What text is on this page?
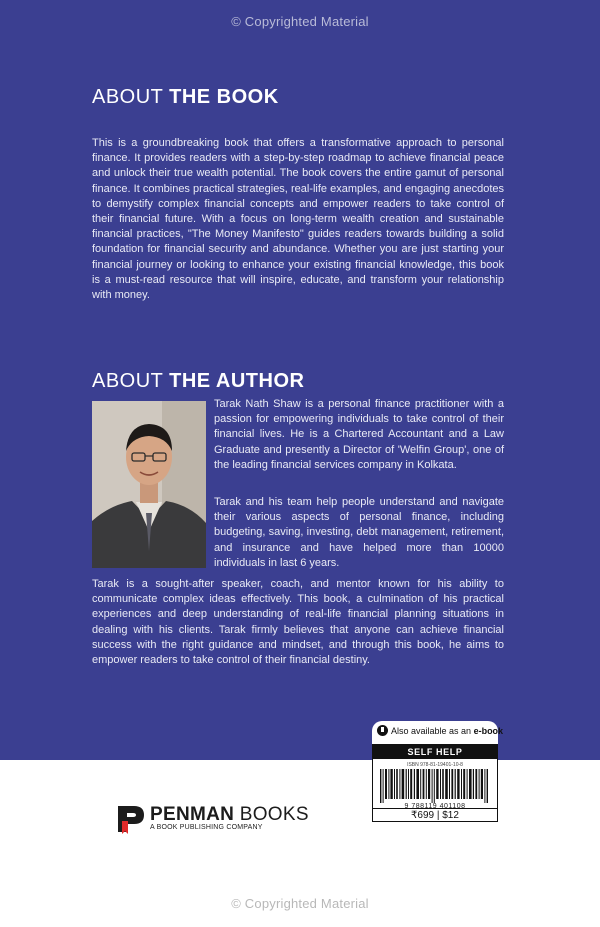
© Copyrighted Material
ABOUT THE BOOK
This is a groundbreaking book that offers a transformative approach to personal finance. It provides readers with a step-by-step roadmap to achieve financial peace and unlock their true wealth potential. The book covers the entire gamut of personal finance. It combines practical strategies, real-life examples, and engaging anecdotes to demystify complex financial concepts and empower readers to take control of their financial future. With a focus on long-term wealth creation and sustainable financial practices, "The Money Manifesto" guides readers towards building a solid foundation for financial security and abundance. Whether you are just starting your financial journey or looking to enhance your existing financial knowledge, this book is a must-read resource that will inspire, educate, and transform your relationship with money.
ABOUT THE AUTHOR
Tarak Nath Shaw is a personal finance practitioner with a passion for empowering individuals to take control of their financial lives. He is a Chartered Accountant and a Law Graduate and presently a Director of 'Welfin Group', one of the leading financial services company in Kolkata.
Tarak and his team help people understand and navigate their various aspects of personal finance, including budgeting, saving, investing, debt management, retirement, and insurance and have helped more than 10000 individuals in last 6 years.
Tarak is a sought-after speaker, coach, and mentor known for his ability to communicate complex ideas effectively. This book, a culmination of his practical experiences and deep understanding of real-life financial planning situations in dealing with his clients. Tarak firmly believes that anyone can achieve financial success with the right guidance and mindset, and through this book, he aims to empower readers to take control of their financial destiny.
Also available as an e-book
SELF HELP
ISBN 978-81-19401-10-8
9 788119 401108
₹699 | $12
PENMAN BOOKS
A BOOK PUBLISHING COMPANY
© Copyrighted Material
